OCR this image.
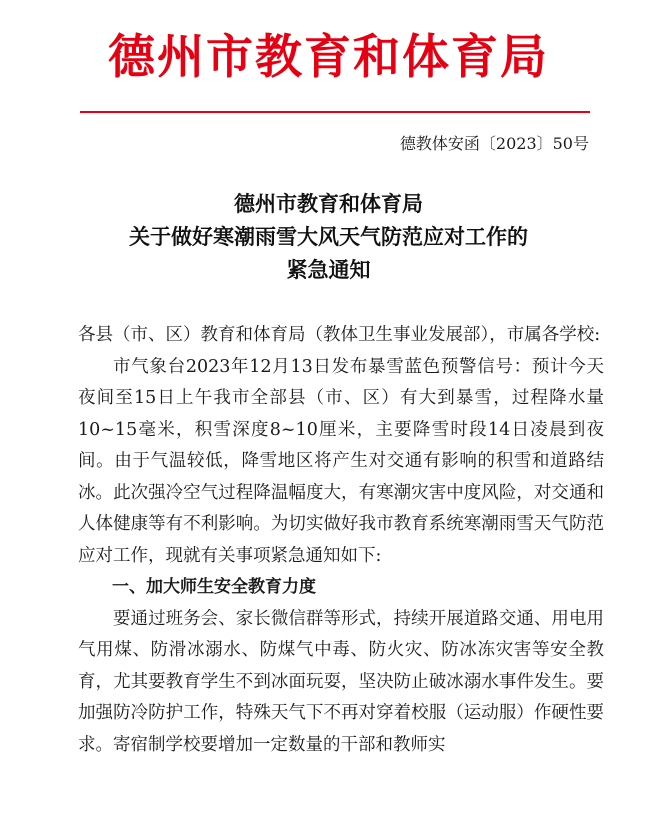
德州市教育和体育局
德教体安函〔2023〕50号
德州市教育和体育局
关于做好寒潮雨雪大风天气防范应对工作的
紧急通知

各县（市、区）教育和体育局（教体卫生事业发展部），市属各学校:

市气象台2023年12月13日发布暴雪蓝色预警信号：预计今天夜间至15日上午我市全部县（市、区）有大到暴雪，过程降水量10~15毫米，积雪深度8~10厘米，主要降雪时段14日凌晨到夜间。由于气温较低，降雪地区将产生对交通有影响的积雪和道路结冰。此次强冷空气过程降温幅度大，有寒潮灾害中度风险，对交通和人体健康等有不利影响。为切实做好我市教育系统寒潮雨雪天气防范应对工作，现就有关事项紧急通知如下:

一、加大师生安全教育力度

要通过班务会、家长微信群等形式，持续开展道路交通、用电用气用煤、防滑冰溺水、防煤气中毒、防火灾、防冰冻灾害等安全教育，尤其要教育学生不到冰面玩耍，坚决防止破冰溺水事件发生。要加强防冷防护工作，特殊天气下不再对穿着校服（运动服）作硬性要求。寄宿制学校要增加一定数量的干部和教师实
